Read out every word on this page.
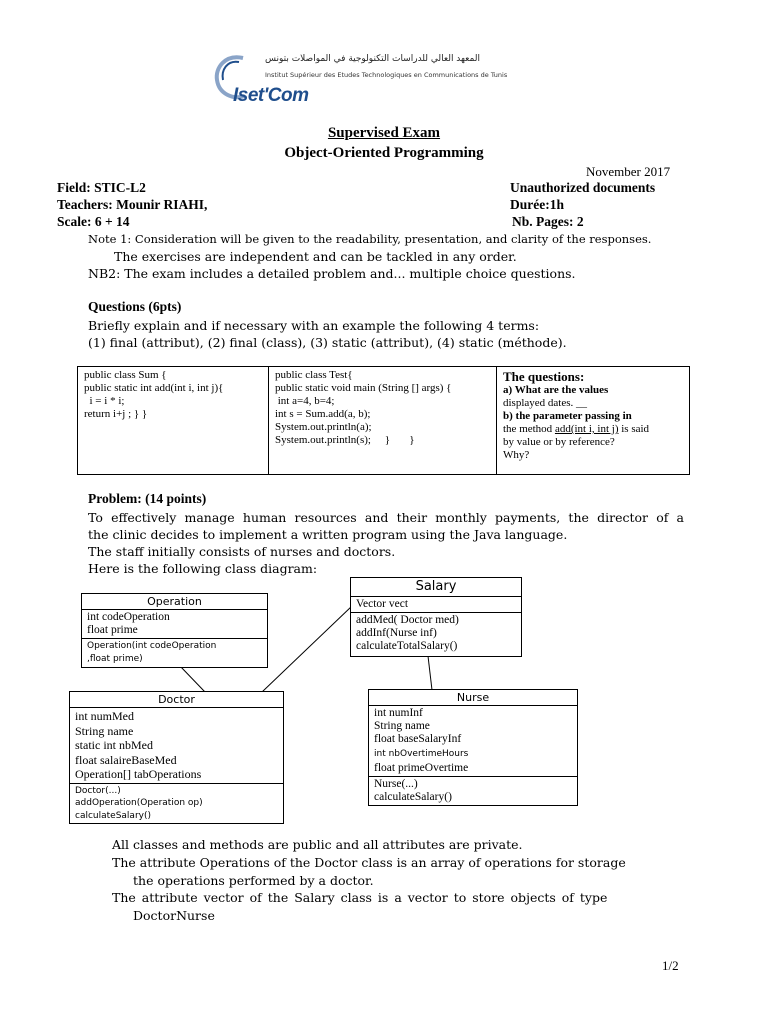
المعهد العالي للدراسات التكنولوجية في المواصلات بتونس
Institut Supérieur des Etudes Technologiques en Communications de Tunis
Iset'Com
Supervised Exam
Object-Oriented Programming
November 2017
Field: STIC-L2
Teachers: Mounir RIAHI,
Scale: 6 + 14
Unauthorized documents
Durée:1h
Nb. Pages: 2
Note 1: Consideration will be given to the readability, presentation, and clarity of the responses.
The exercises are independent and can be tackled in any order.
NB2: The exam includes a detailed problem and... multiple choice questions.
Questions (6pts)
Briefly explain and if necessary with an example the following 4 terms:
(1) final (attribut), (2) final (class), (3) static (attribut), (4) static (méthode).
public class Sum {
public static int add(int i, int j){
i = i * i;
return i+j ; } }
public class Test{
public static void main (String [] args) {
int a=4, b=4;
int s = Sum.add(a, b);
System.out.println(a);
System.out.println(s);     }       }
The questions:
a) What are the values
displayed dates. __
b) the parameter passing in
the method add(int i, int j) is said
by value or by reference?
Why?
Problem: (14 points)
To effectively manage human resources and their monthly payments, the director of a
the clinic decides to implement a written program using the Java language.
The staff initially consists of nurses and doctors.
Here is the following class diagram:
Operation
int codeOperation
float prime
Operation(int codeOperation
,float prime)
Salary
Vector vect
addMed( Doctor med)
addInf(Nurse inf)
calculateTotalSalary()
Doctor
int numMed
String name
static int nbMed
float salaireBaseMed
Operation[] tabOperations
Doctor(...)
addOperation(Operation op)
calculateSalary()
Nurse
int numInf
String name
float baseSalaryInf
int nbOvertimeHours
float primeOvertime
Nurse(...)
calculateSalary()
All classes and methods are public and all attributes are private.
The attribute Operations of the Doctor class is an array of operations for storage
the operations performed by a doctor.
The attribute vector of the Salary class is a vector to store objects of type
DoctorNurse
1/2
